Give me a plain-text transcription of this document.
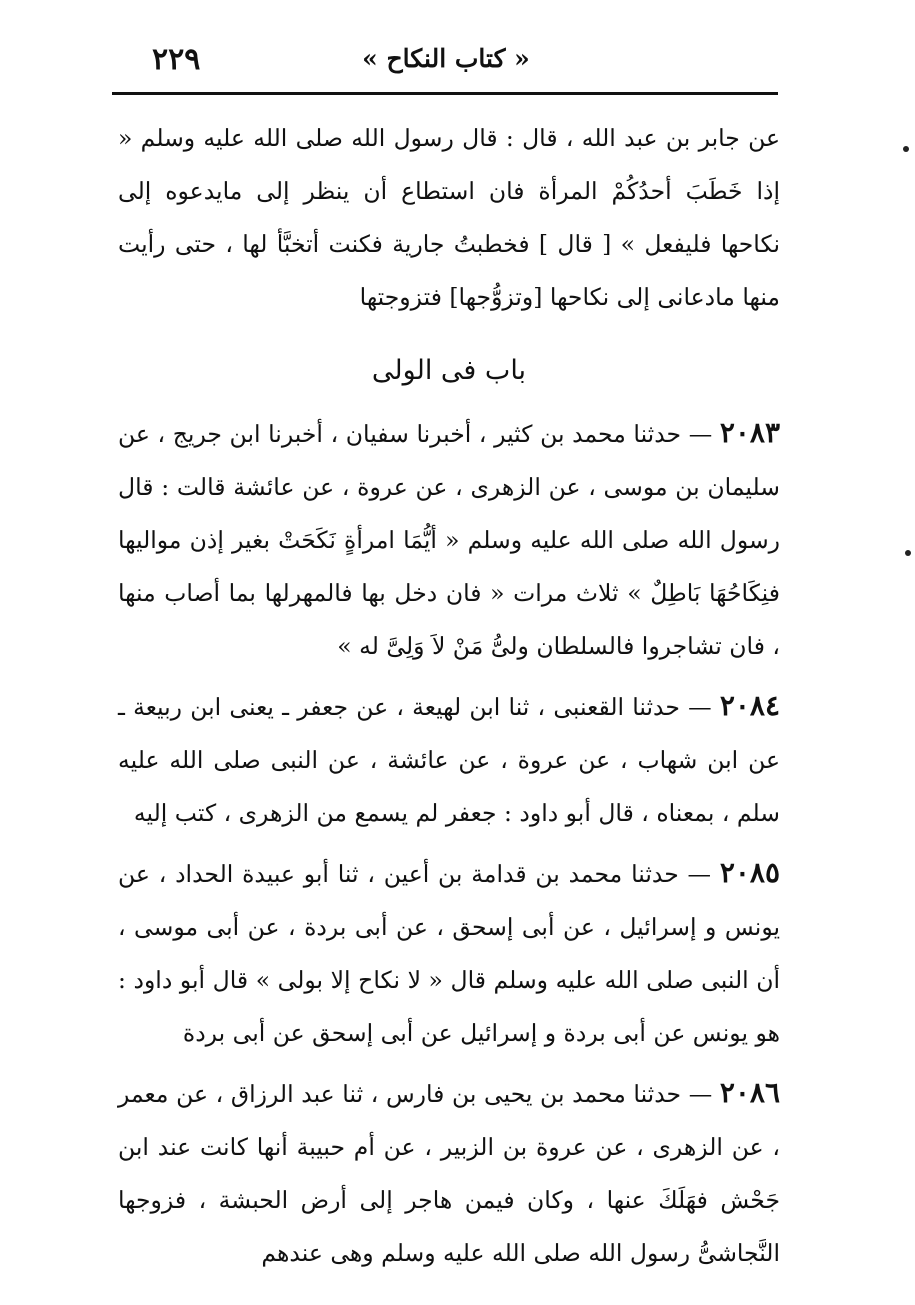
٢٢٩	« كتاب النكاح »

عن جابر بن عبد الله ، قال : قال رسول الله صلى الله عليه وسلم « إذا خَطَبَ أحدُكُمْ المرأة فان استطاع أن ينظر إلى مايدعوه إلى نكاحها فليفعل » [ قال ] فخطبتُ جارية فكنت أتخبَّأ لها ، حتى رأيت منها مادعانى إلى نكاحها [وتزوُّجها] فتزوجتها

باب فى الولى

٢٠٨٣ — حدثنا محمد بن كثير ، أخبرنا سفيان ، أخبرنا ابن جريج ، عن سليمان بن موسى ، عن الزهرى ، عن عروة ، عن عائشة قالت : قال رسول الله صلى الله عليه وسلم « أيُّمَا امرأةٍ نَكَحَتْ بغير إذن مواليها فنِكَاحُهَا بَاطِلٌ » ثلاث مرات « فان دخل بها فالمهرلها بما أصاب منها ، فان تشاجروا فالسلطان ولىُّ مَنْ لاَ وَلِىَّ له »

٢٠٨٤ — حدثنا القعنبى ، ثنا ابن لهيعة ، عن جعفر ـ يعنى ابن ربيعة ـ عن ابن شهاب ، عن عروة ، عن عائشة ، عن النبى صلى الله عليه سلم ، بمعناه ، قال أبو داود : جعفر لم يسمع من الزهرى ، كتب إليه

٢٠٨٥ — حدثنا محمد بن قدامة بن أعين ، ثنا أبو عبيدة الحداد ، عن يونس و إسرائيل ، عن أبى إسحق ، عن أبى بردة ، عن أبى موسى ، أن النبى صلى الله عليه وسلم قال « لا نكاح إلا بولى » قال أبو داود : هو يونس عن أبى بردة و إسرائيل عن أبى إسحق عن أبى بردة

٢٠٨٦ — حدثنا محمد بن يحيى بن فارس ، ثنا عبد الرزاق ، عن معمر ، عن الزهرى ، عن عروة بن الزبير ، عن أم حبيبة أنها كانت عند ابن جَحْش فهَلَكَ عنها ، وكان فيمن هاجر إلى أرض الحبشة ، فزوجها النَّجاشىُّ رسول الله صلى الله عليه وسلم وهى عندهم
